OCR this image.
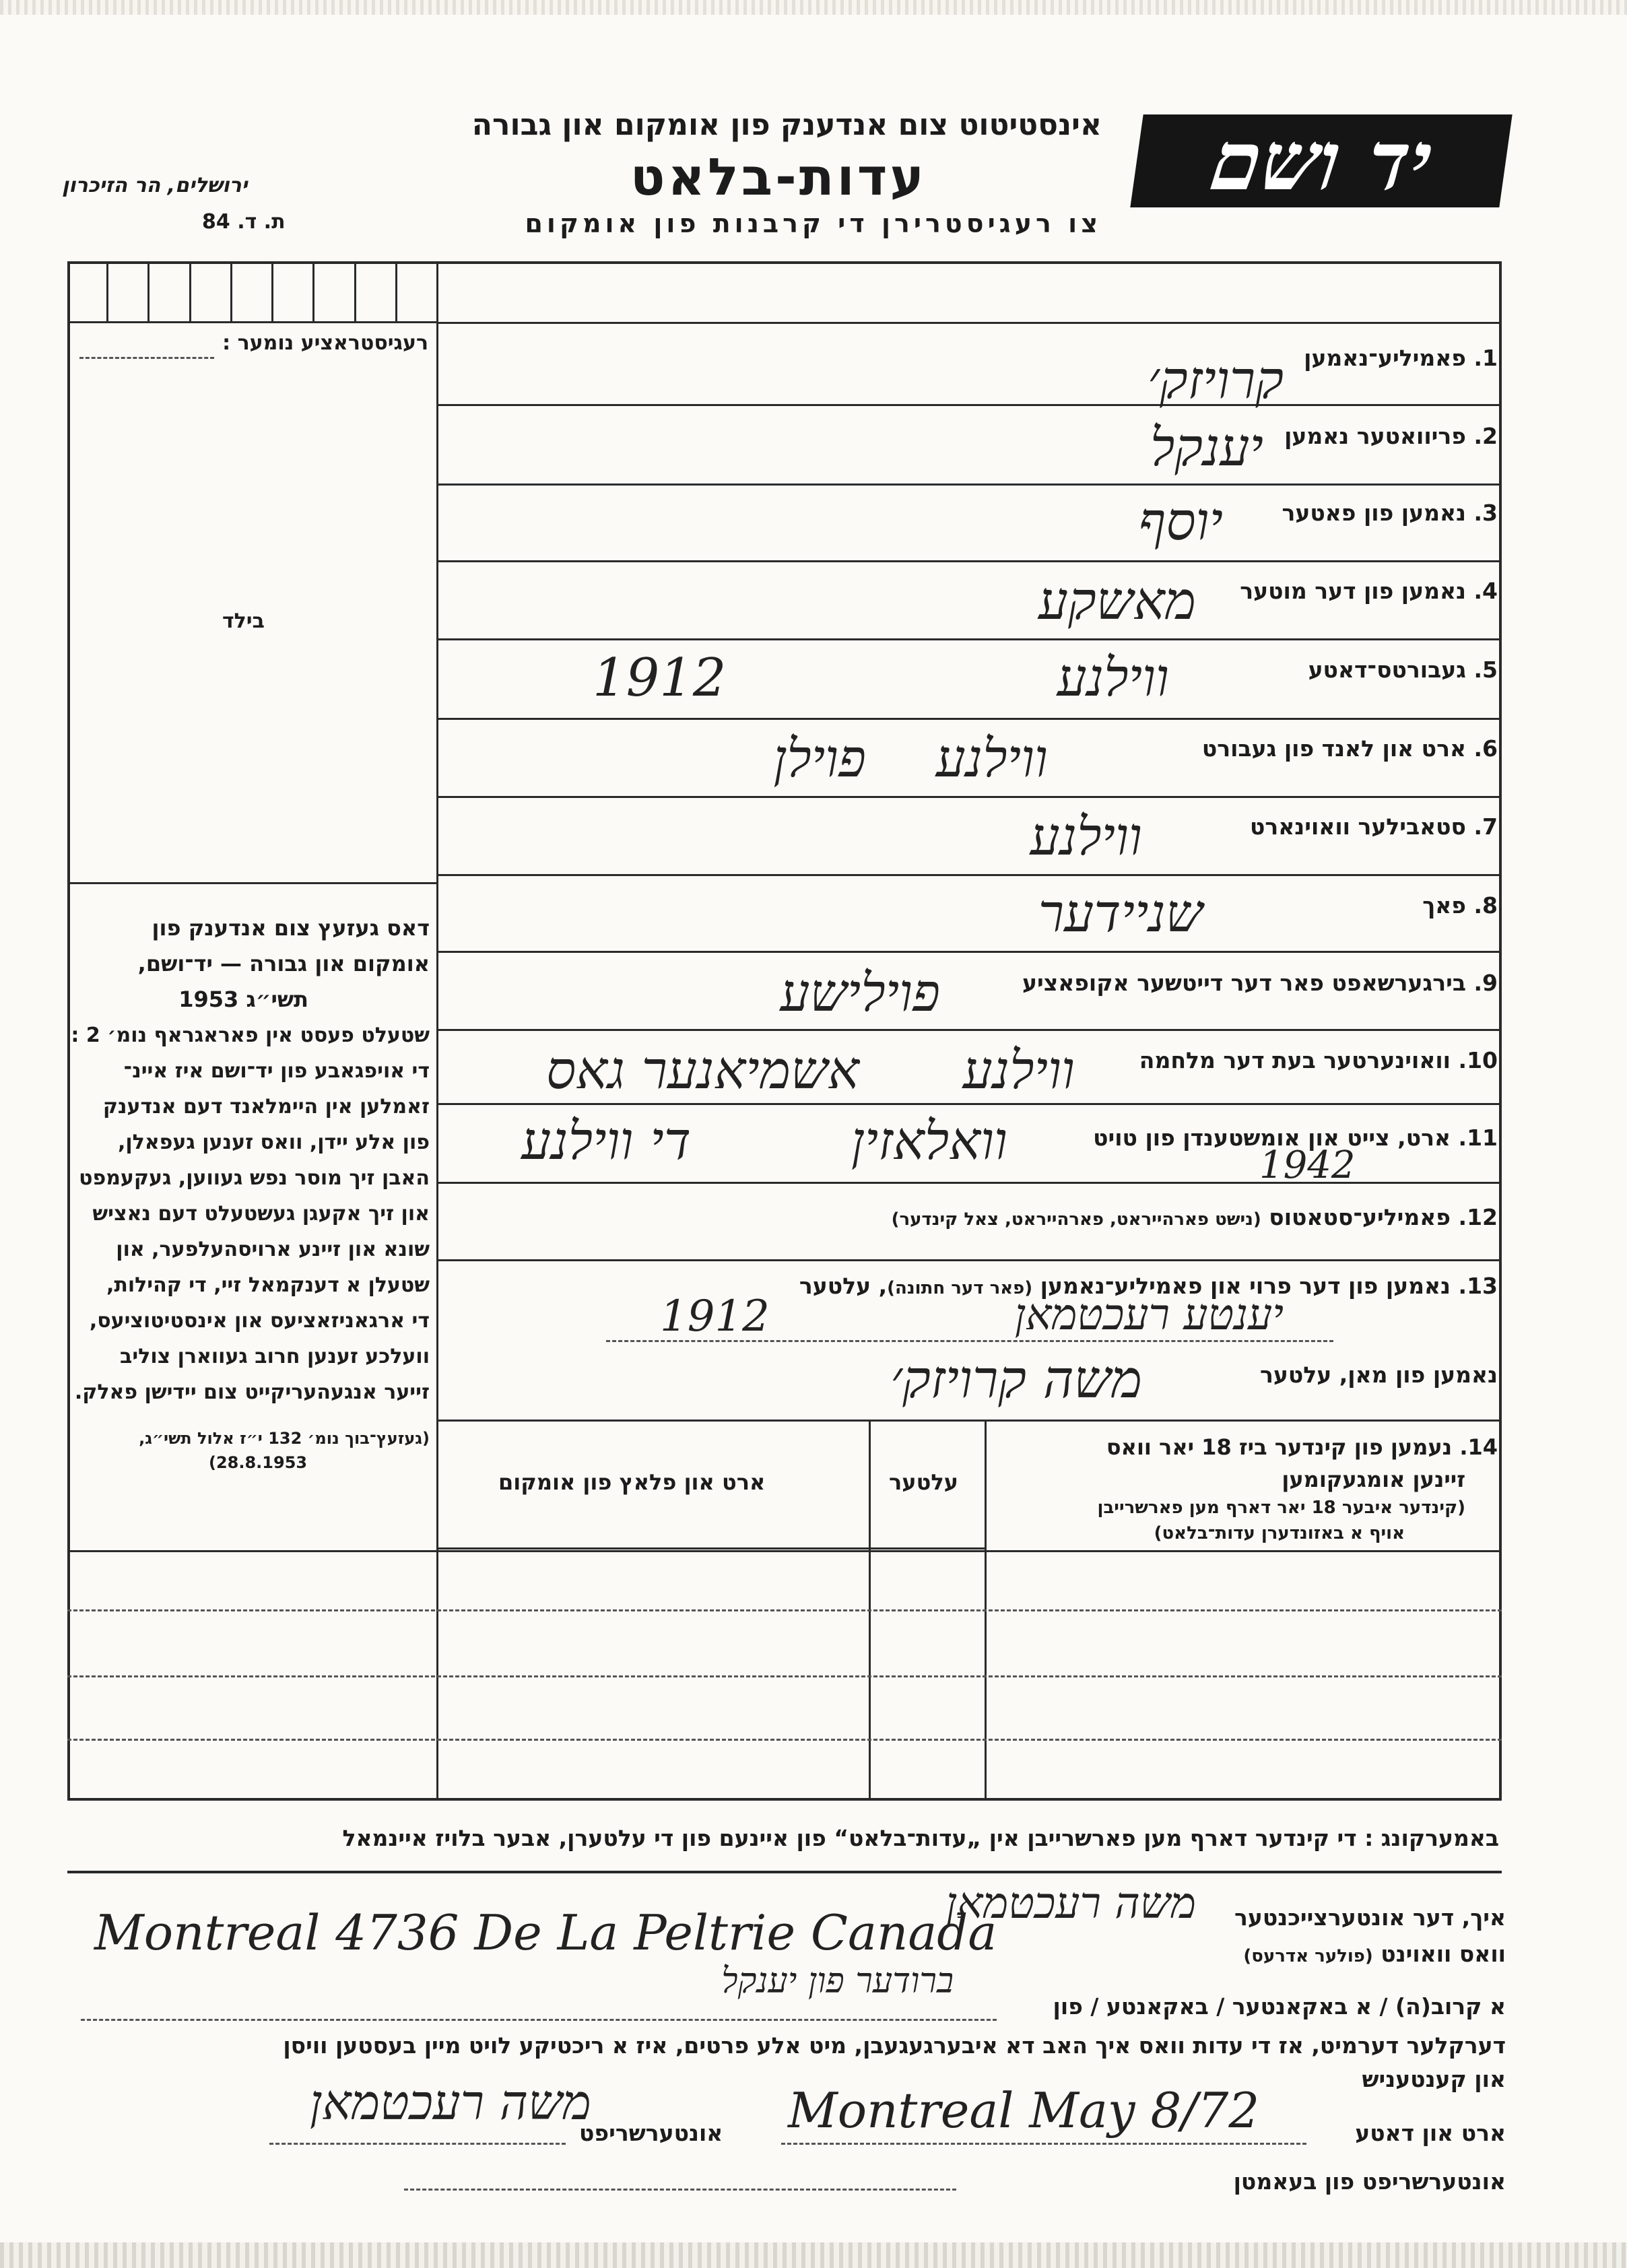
יד ושם
אינסטיטוט צום אנדענק פון אומקום און גבורה
עדות-בלאט
צו רעגיסטרירן די קרבנות פון אומקום
ירושלים, הר הזיכרון
ת. ד. 84
רעגיסטראציע נומער :
בילד
דאס געזעץ צום אנדענק פון
אומקום און גבורה — יד־ושם,
תשי״ג 1953
שטעלט פעסט אין פאראגראף נומ׳ 2 :
די אויפגאבע פון יד־ושם איז איינ־
זאמלען אין היימלאנד דעם אנדענק
פון אלע יידן, וואס זענען געפאלן,
האבן זיך מוסר נפש געווען, געקעמפט
און זיך אקעגן געשטעלט דעם נאציש
שונא און זיינע ארויסהעלפער, און
שטעלן א דענקמאל זיי, די קהילות,
די ארגאניזאציעס און אינסטיטוציעס,
וועלכע זענען חרוב געווארן צוליב
זייער אנגעהעריקייט צום יידישן פאלק.
(געזעץ־בוך נומ׳ 132 י״ז אלול תשי״ג,
(28.8.1953
1. פאמיליע־נאמען
קרויזק׳
2. פריוואטער נאמען
יענקל
3. נאמען פון פאטער
יוסף
4. נאמען פון דער מוטער
מאשקע
5. געבורטס־דאטע
ווילנע
1912
6. ארט און לאנד פון געבורט
ווילנע
פוילן
7. סטאבילער וואוינארט
ווילנע
8. פאך
שניידער
9. בירגערשאפט פאר דער דייטשער אקופאציע
פוילישע
10. וואוינערטער בעת דער מלחמה
ווילנע
אשמיאנער גאס
11. ארט, צייט און אומשטענדן פון טויט
וואלאזין
די ווילנע	1942
12. פאמיליע־סטאטוס (נישט פארהייראט, פארהייראט, צאל קינדער)
13. נאמען פון דער פרוי און פאמיליע־נאמען (פאר דער חתונה), עלטער
יענטע רעכטמאן
1912
נאמען פון מאן, עלטער
משה קרויזק׳
14. נעמען פון קינדער ביז 18 יאר וואס
זיינען אומגעקומען
(קינדער איבער 18 יאר דארף מען פארשרייבן
אויף א באזונדערן עדות־בלאט)
עלטער
ארט און פלאץ פון אומקום
באמערקונג : די קינדער דארף מען פארשרייבן אין „עדות־בלאט“ פון איינעם פון די עלטערן, אבער בלויז איינמאל
איך, דער אונטערצייכנטער
משה רעכטמאן
וואס וואוינט (פולער אדרעס)
Montreal 4736 De La Peltrie Canada
א קרוב(ה) / א באקאנטער / באקאנטע / פון
ברודער פון יענקל
דערקלער דערמיט, אז די עדות וואס איך האב דא איבערגעגעבן, מיט אלע פרטים, איז א ריכטיקע לויט מיין בעסטען וויסן
און קענטעניש
ארט און דאטע
Montreal May 8/72
אונטערשריפט
משה רעכטמאן
אונטערשריפט פון בעאמטן
